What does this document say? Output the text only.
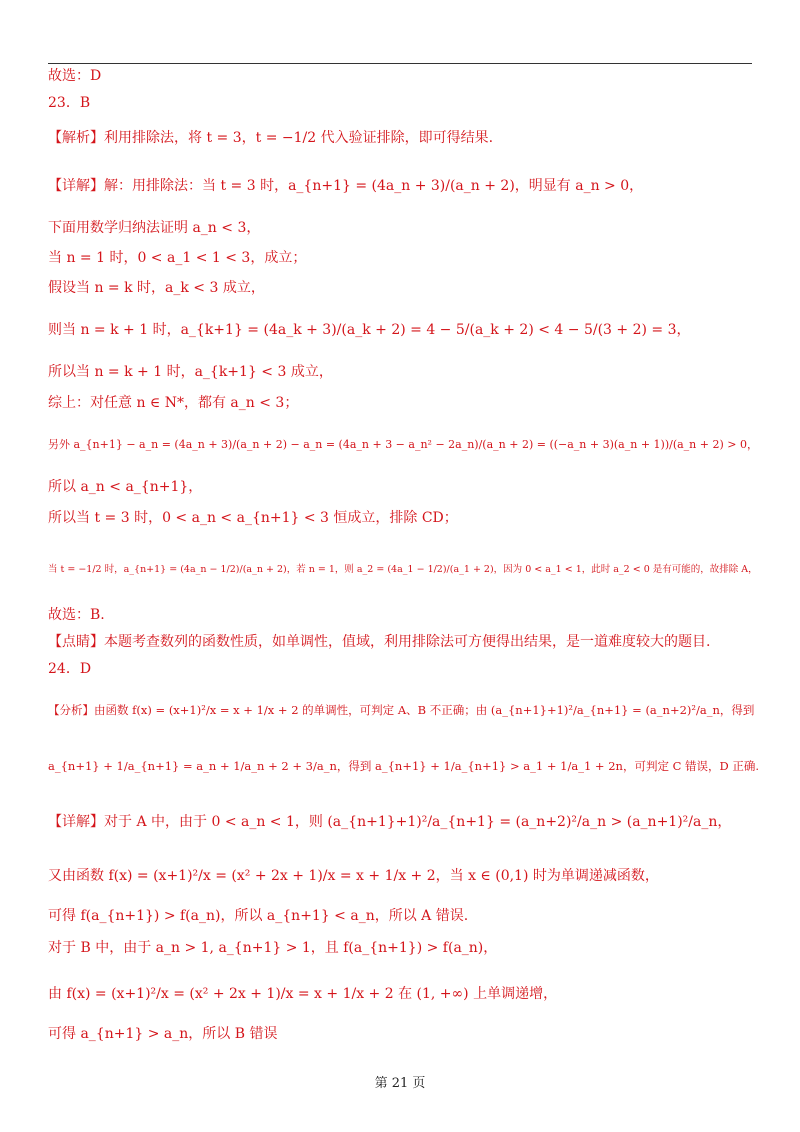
故选：D
23．B
【解析】利用排除法，将 t = 3，t = −1/2 代入验证排除，即可得结果.
【详解】解：用排除法：当 t = 3 时，a_{n+1} = (4a_n + 3)/(a_n + 2)，明显有 a_n > 0，
下面用数学归纳法证明 a_n < 3，
当 n = 1 时，0 < a_1 < 1 < 3，成立；
假设当 n = k 时，a_k < 3 成立，
则当 n = k + 1 时，a_{k+1} = (4a_k + 3)/(a_k + 2) = 4 − 5/(a_k + 2) < 4 − 5/(3 + 2) = 3，
所以当 n = k + 1 时，a_{k+1} < 3 成立，
综上：对任意 n ∈ N*，都有 a_n < 3；
另外 a_{n+1} − a_n = (4a_n + 3)/(a_n + 2) − a_n = (4a_n + 3 − a_n² − 2a_n)/(a_n + 2) = ((−a_n + 3)(a_n + 1))/(a_n + 2) > 0，
所以 a_n < a_{n+1}，
所以当 t = 3 时，0 < a_n < a_{n+1} < 3 恒成立，排除 CD；
当 t = −1/2 时，a_{n+1} = (4a_n − 1/2)/(a_n + 2)，若 n = 1，则 a_2 = (4a_1 − 1/2)/(a_1 + 2)，因为 0 < a_1 < 1，此时 a_2 < 0 是有可能的，故排除 A，
故选：B.
【点睛】本题考查数列的函数性质，如单调性，值域，利用排除法可方便得出结果，是一道难度较大的题目.
24．D
【分析】由函数 f(x) = (x+1)²/x = x + 1/x + 2 的单调性，可判定 A、B 不正确；由 (a_{n+1}+1)²/a_{n+1} = (a_n+2)²/a_n，得到
a_{n+1} + 1/a_{n+1} = a_n + 1/a_n + 2 + 3/a_n，得到 a_{n+1} + 1/a_{n+1} > a_1 + 1/a_1 + 2n，可判定 C 错误，D 正确.
【详解】对于 A 中，由于 0 < a_n < 1，则 (a_{n+1}+1)²/a_{n+1} = (a_n+2)²/a_n > (a_n+1)²/a_n，
又由函数 f(x) = (x+1)²/x = (x² + 2x + 1)/x = x + 1/x + 2，当 x ∈ (0,1) 时为单调递减函数，
可得 f(a_{n+1}) > f(a_n)，所以 a_{n+1} < a_n，所以 A 错误.
对于 B 中，由于 a_n > 1, a_{n+1} > 1，且 f(a_{n+1}) > f(a_n)，
由 f(x) = (x+1)²/x = (x² + 2x + 1)/x = x + 1/x + 2 在 (1, +∞) 上单调递增，
可得 a_{n+1} > a_n，所以 B 错误
第 21 页
